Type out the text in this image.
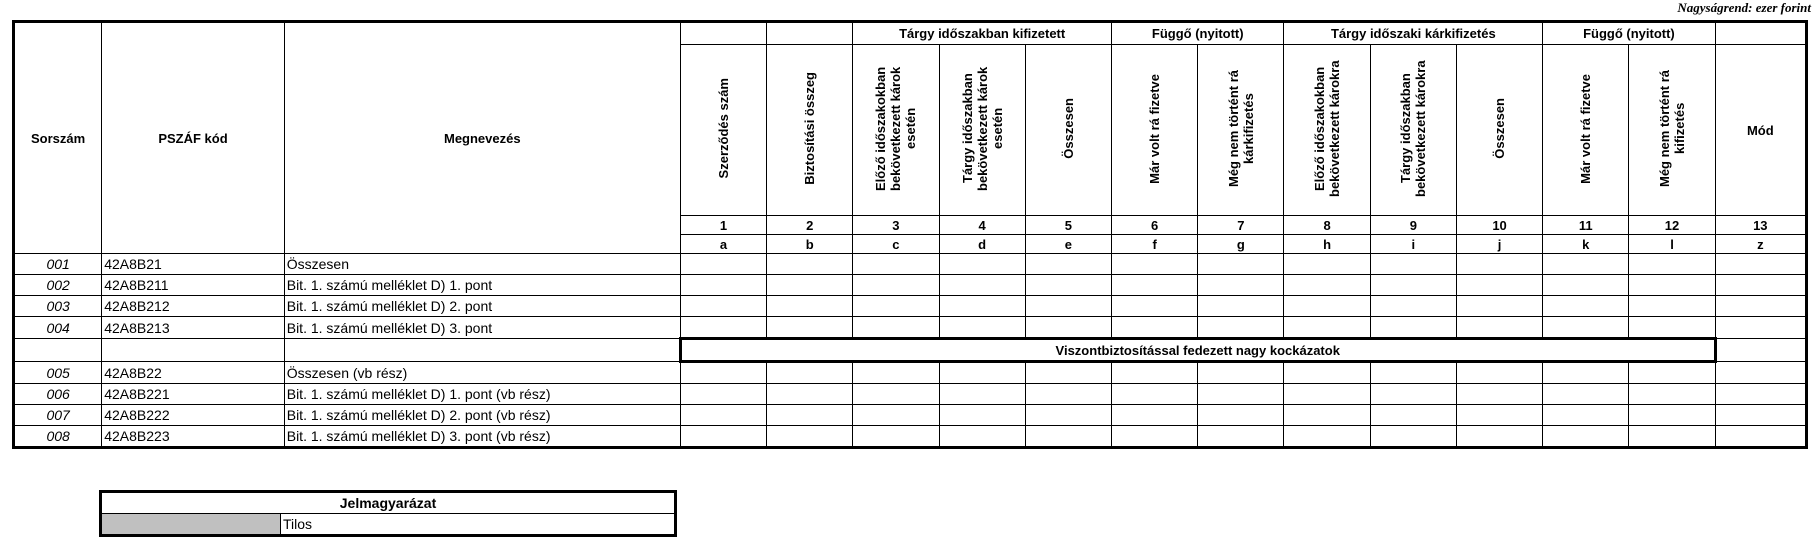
Nagyságrend: ezer forint
Sorszám	PSZÁF kód	Megnevezés			Tárgy időszakban kifizetett			Függő (nyitott)		Tárgy időszaki kárkifizetés			Függő (nyitott)		
			Szerződés szám	Biztosítási összeg	Előző időszakokban bekövetkezett károk esetén	Tárgy időszakban bekövetkezett károk esetén	Összesen	Már volt rá fizetve	Még nem történt rá kárkifizetés	Előző időszakokban bekövetkezett károkra	Tárgy időszakban bekövetkezett károkra	Összesen	Már volt rá fizetve	Még nem történt rá kifizetés	Mód
			1	2	3	4	5	6	7	8	9	10	11	12	13
			a	b	c	d	e	f	g	h	i	j	k	l	z
001	42A8B21	Összesen													
002	42A8B211	Bit. 1. számú melléklet D) 1. pont													
003	42A8B212	Bit. 1. számú melléklet D) 2. pont													
004	42A8B213	Bit. 1. számú melléklet D) 3. pont													
			Viszontbiztosítással fedezett nagy kockázatok												
005	42A8B22	Összesen (vb rész)													
006	42A8B221	Bit. 1. számú melléklet D) 1. pont (vb rész)													
007	42A8B222	Bit. 1. számú melléklet D) 2. pont (vb rész)													
008	42A8B223	Bit. 1. számú melléklet D) 3. pont (vb rész)													
Jelmagyarázat
	Tilos
